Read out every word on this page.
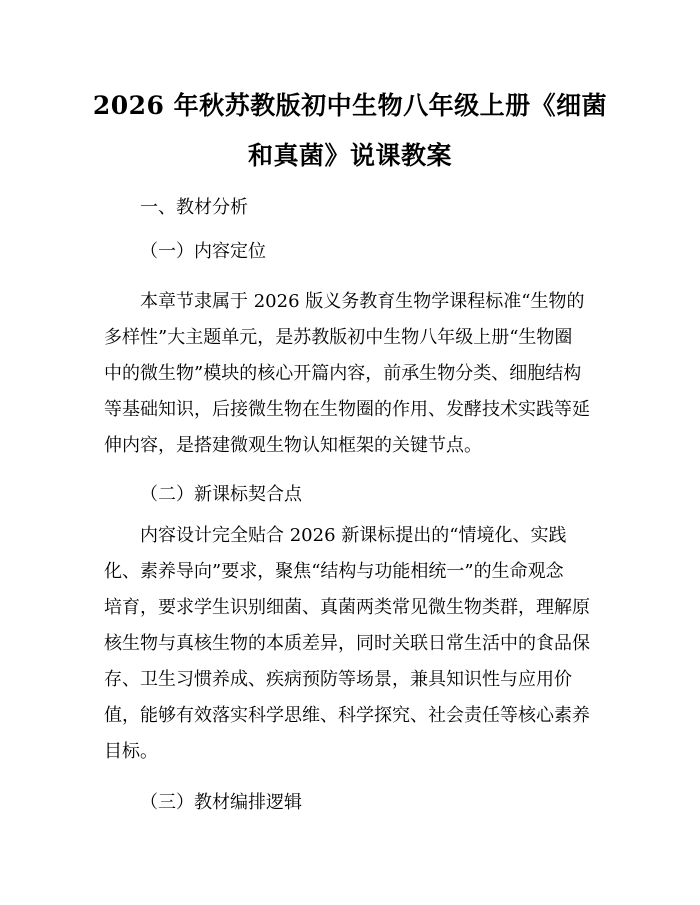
2026 年秋苏教版初中生物八年级上册《细菌
和真菌》说课教案
一、教材分析
（一）内容定位
本章节隶属于 2026 版义务教育生物学课程标准“生物的
多样性”大主题单元，是苏教版初中生物八年级上册“生物圈
中的微生物”模块的核心开篇内容，前承生物分类、细胞结构
等基础知识，后接微生物在生物圈的作用、发酵技术实践等延
伸内容，是搭建微观生物认知框架的关键节点。
（二）新课标契合点
内容设计完全贴合 2026 新课标提出的“情境化、实践
化、素养导向”要求，聚焦“结构与功能相统一”的生命观念
培育，要求学生识别细菌、真菌两类常见微生物类群，理解原
核生物与真核生物的本质差异，同时关联日常生活中的食品保
存、卫生习惯养成、疾病预防等场景，兼具知识性与应用价
值，能够有效落实科学思维、科学探究、社会责任等核心素养
目标。
（三）教材编排逻辑
